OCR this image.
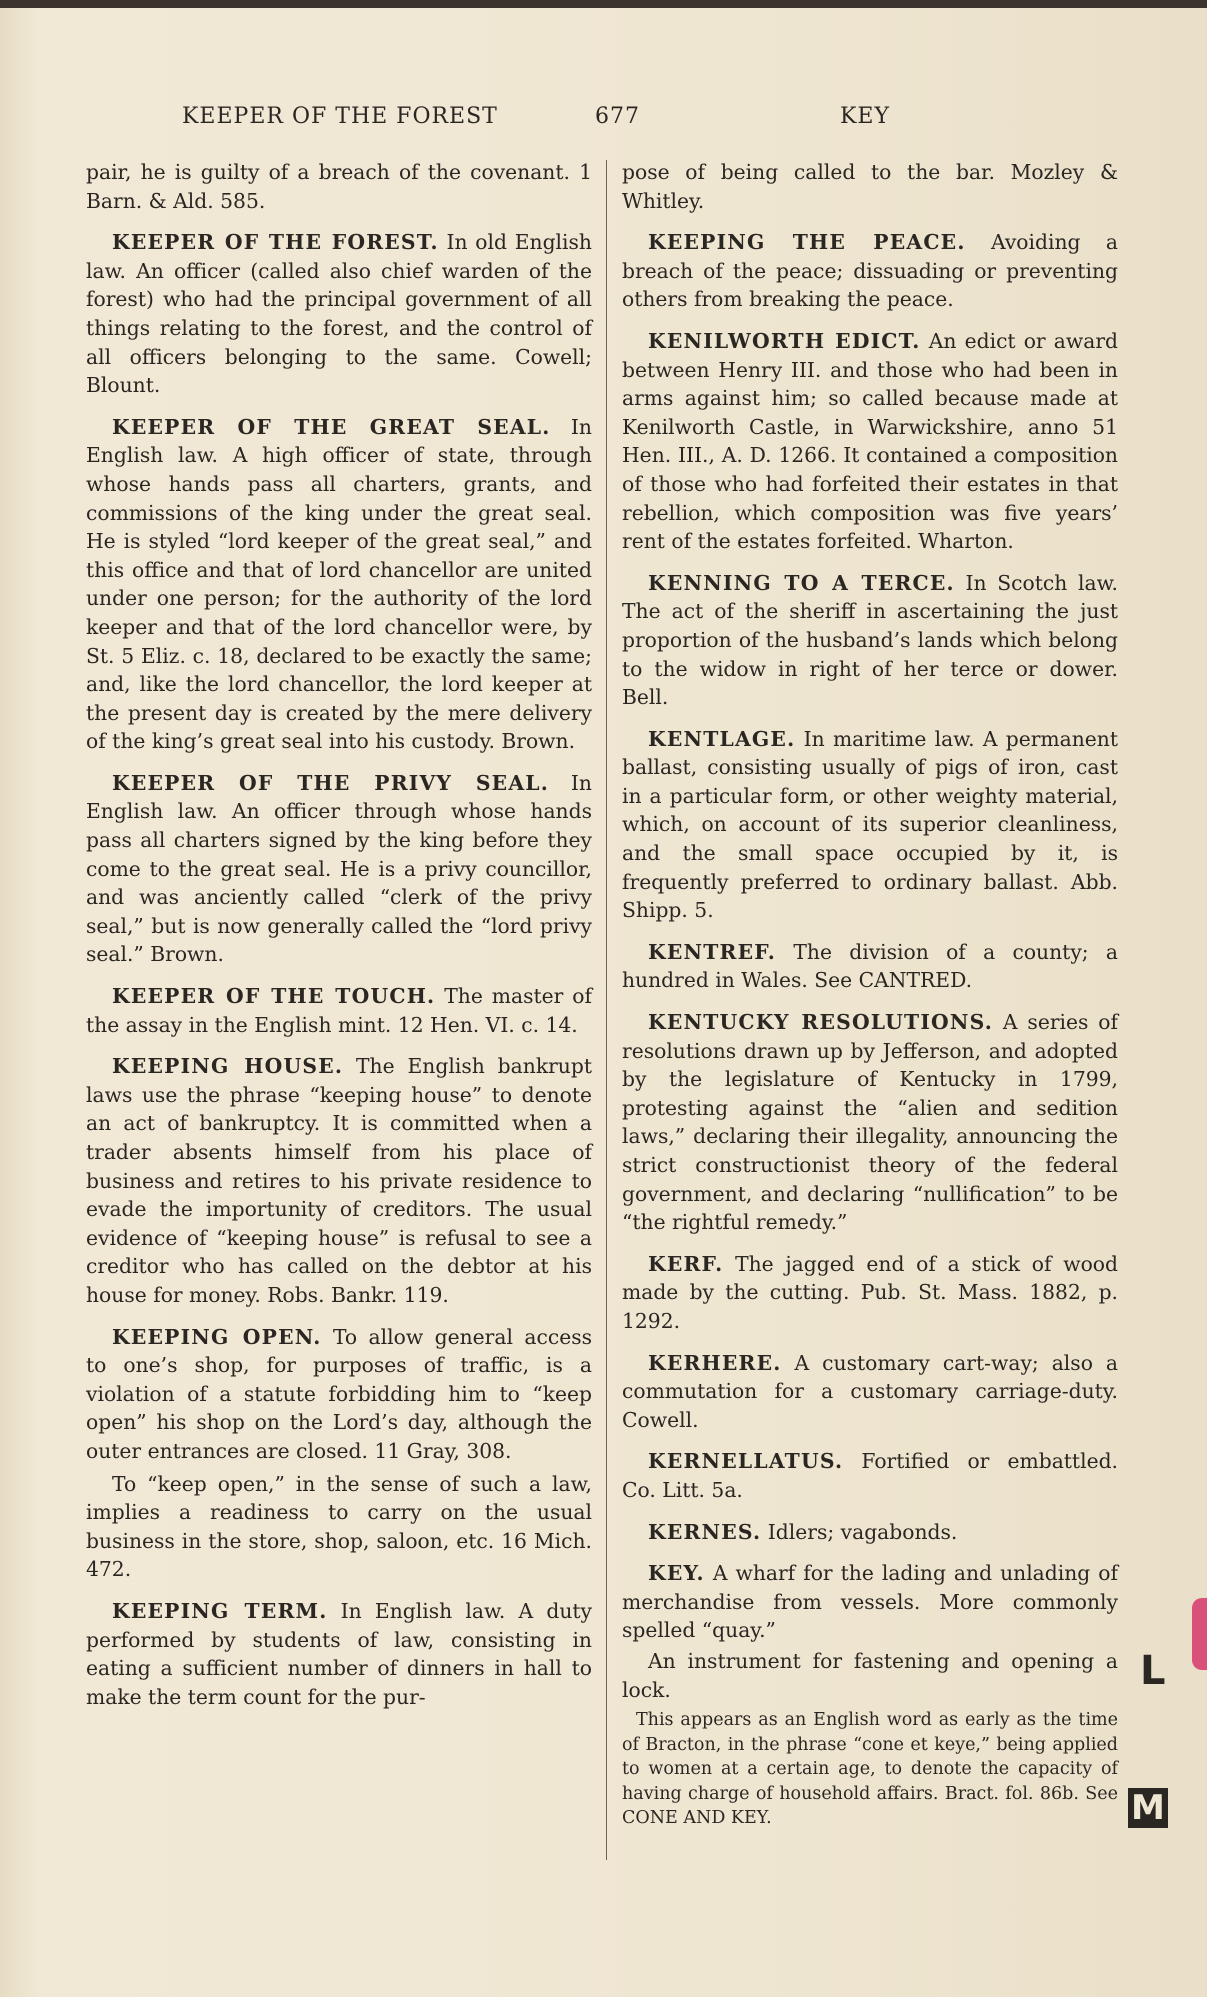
KEEPER OF THE FOREST	677	KEY

pair, he is guilty of a breach of the covenant. 1 Barn. & Ald. 585.

KEEPER OF THE FOREST. In old English law. An officer (called also chief warden of the forest) who had the principal government of all things relating to the forest, and the control of all officers belonging to the same. Cowell; Blount.

KEEPER OF THE GREAT SEAL. In English law. A high officer of state, through whose hands pass all charters, grants, and commissions of the king under the great seal. He is styled “lord keeper of the great seal,” and this office and that of lord chancellor are united under one person; for the authority of the lord keeper and that of the lord chancellor were, by St. 5 Eliz. c. 18, declared to be exactly the same; and, like the lord chancellor, the lord keeper at the present day is created by the mere delivery of the king’s great seal into his custody. Brown.

KEEPER OF THE PRIVY SEAL. In English law. An officer through whose hands pass all charters signed by the king before they come to the great seal. He is a privy councillor, and was anciently called “clerk of the privy seal,” but is now generally called the “lord privy seal.” Brown.

KEEPER OF THE TOUCH. The master of the assay in the English mint. 12 Hen. VI. c. 14.

KEEPING HOUSE. The English bankrupt laws use the phrase “keeping house” to denote an act of bankruptcy. It is committed when a trader absents himself from his place of business and retires to his private residence to evade the importunity of creditors. The usual evidence of “keeping house” is refusal to see a creditor who has called on the debtor at his house for money. Robs. Bankr. 119.

KEEPING OPEN. To allow general access to one’s shop, for purposes of traffic, is a violation of a statute forbidding him to “keep open” his shop on the Lord’s day, although the outer entrances are closed. 11 Gray, 308.

To “keep open,” in the sense of such a law, implies a readiness to carry on the usual business in the store, shop, saloon, etc. 16 Mich. 472.

KEEPING TERM. In English law. A duty performed by students of law, consisting in eating a sufficient number of dinners in hall to make the term count for the pur-

pose of being called to the bar. Mozley & Whitley.

KEEPING THE PEACE. Avoiding a breach of the peace; dissuading or preventing others from breaking the peace.

KENILWORTH EDICT. An edict or award between Henry III. and those who had been in arms against him; so called because made at Kenilworth Castle, in Warwickshire, anno 51 Hen. III., A. D. 1266. It contained a composition of those who had forfeited their estates in that rebellion, which composition was five years’ rent of the estates forfeited. Wharton.

KENNING TO A TERCE. In Scotch law. The act of the sheriff in ascertaining the just proportion of the husband’s lands which belong to the widow in right of her terce or dower. Bell.

KENTLAGE. In maritime law. A permanent ballast, consisting usually of pigs of iron, cast in a particular form, or other weighty material, which, on account of its superior cleanliness, and the small space occupied by it, is frequently preferred to ordinary ballast. Abb. Shipp. 5.

KENTREF. The division of a county; a hundred in Wales. See CANTRED.

KENTUCKY RESOLUTIONS. A series of resolutions drawn up by Jefferson, and adopted by the legislature of Kentucky in 1799, protesting against the “alien and sedition laws,” declaring their illegality, announcing the strict constructionist theory of the federal government, and declaring “nullification” to be “the rightful remedy.”

KERF. The jagged end of a stick of wood made by the cutting. Pub. St. Mass. 1882, p. 1292.

KERHERE. A customary cart-way; also a commutation for a customary carriage-duty. Cowell.

KERNELLATUS. Fortified or embattled. Co. Litt. 5a.

KERNES. Idlers; vagabonds.

KEY. A wharf for the lading and unlading of merchandise from vessels. More commonly spelled “quay.”

An instrument for fastening and opening a lock.

This appears as an English word as early as the time of Bracton, in the phrase “cone et keye,” being applied to women at a certain age, to denote the capacity of having charge of household affairs. Bract. fol. 86b. See CONE AND KEY.

L
M
